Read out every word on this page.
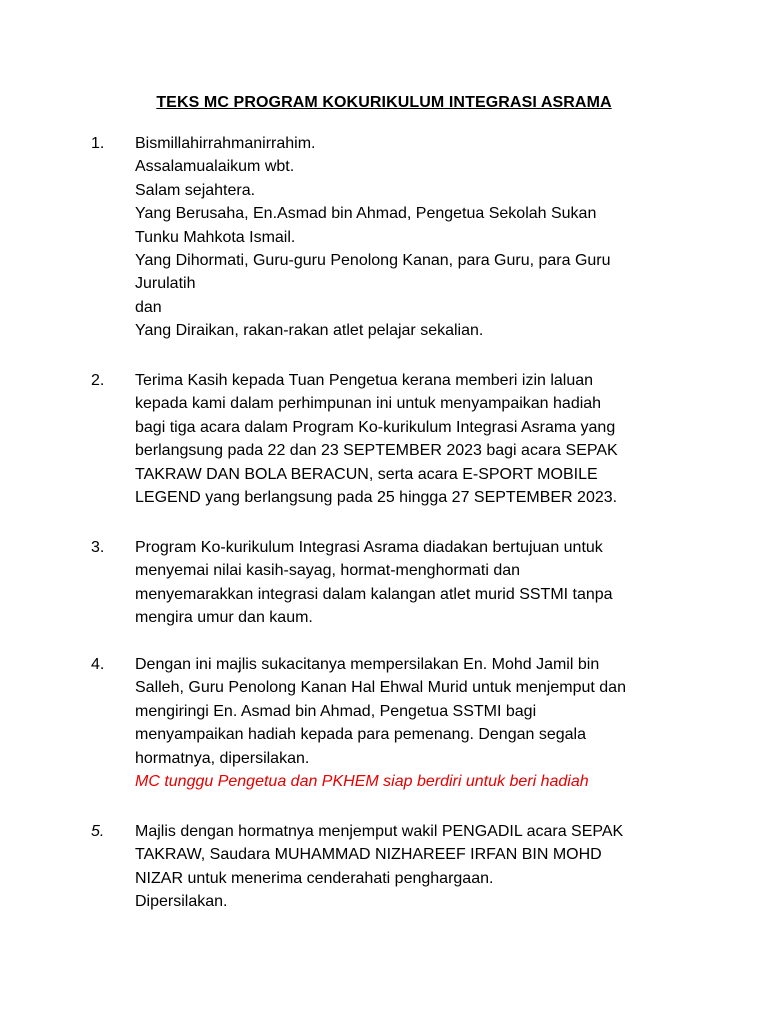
TEKS MC PROGRAM KOKURIKULUM INTEGRASI ASRAMA
1. Bismillahirrahmanirrahim.
Assalamualaikum wbt.
Salam sejahtera.
Yang Berusaha, En.Asmad bin Ahmad, Pengetua Sekolah Sukan
Tunku Mahkota Ismail.
Yang Dihormati, Guru-guru Penolong Kanan, para Guru, para Guru
Jurulatih
dan
Yang Diraikan, rakan-rakan atlet pelajar sekalian.
2. Terima Kasih kepada Tuan Pengetua kerana memberi izin laluan
kepada kami dalam perhimpunan ini untuk menyampaikan hadiah
bagi tiga acara dalam Program Ko-kurikulum Integrasi Asrama yang
berlangsung pada 22 dan 23 SEPTEMBER 2023 bagi acara SEPAK
TAKRAW DAN BOLA BERACUN, serta acara E-SPORT MOBILE
LEGEND yang berlangsung pada 25 hingga 27 SEPTEMBER 2023.
3. Program Ko-kurikulum Integrasi Asrama diadakan bertujuan untuk
menyemai nilai kasih-sayag, hormat-menghormati dan
menyemarakkan integrasi dalam kalangan atlet murid SSTMI tanpa
mengira umur dan kaum.
4. Dengan ini majlis sukacitanya mempersilakan En. Mohd Jamil bin
Salleh, Guru Penolong Kanan Hal Ehwal Murid untuk menjemput dan
mengiringi En. Asmad bin Ahmad, Pengetua SSTMI bagi
menyampaikan hadiah kepada para pemenang. Dengan segala
hormatnya, dipersilakan.
MC tunggu Pengetua dan PKHEM siap berdiri untuk beri hadiah
5. Majlis dengan hormatnya menjemput wakil PENGADIL acara SEPAK
TAKRAW, Saudara MUHAMMAD NIZHAREEF IRFAN BIN MOHD
NIZAR untuk menerima cenderahati penghargaan.
Dipersilakan.
